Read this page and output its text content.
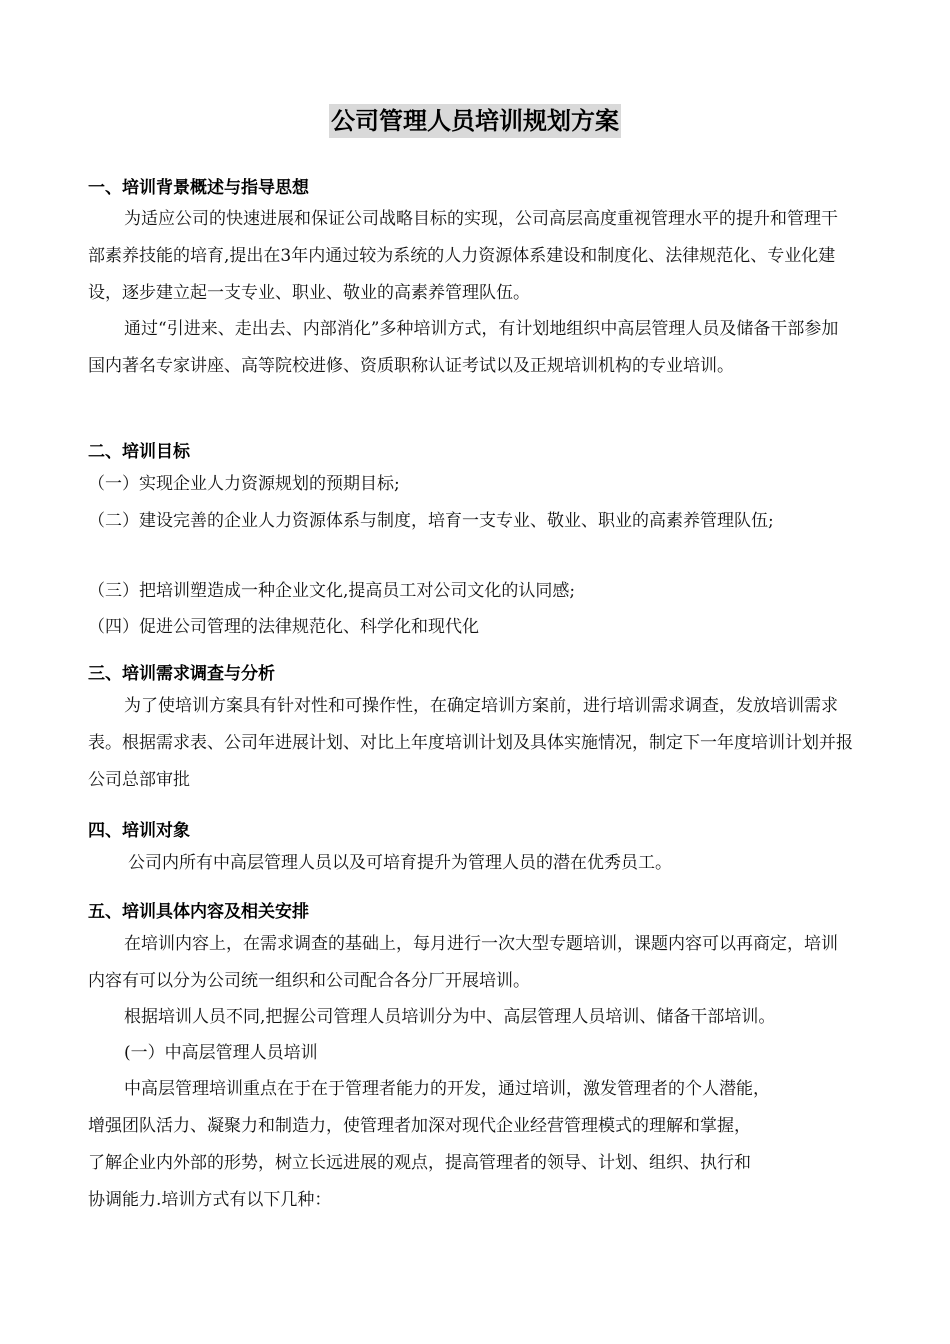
公司管理人员培训规划方案
一、培训背景概述与指导思想

为适应公司的快速进展和保证公司战略目标的实现，公司高层高度重视管理水平的提升和管理干部素养技能的培育,提出在3年内通过较为系统的人力资源体系建设和制度化、法律规范化、专业化建设，逐步建立起一支专业、职业、敬业的高素养管理队伍。

通过“引进来、走出去、内部消化”多种培训方式，有计划地组织中高层管理人员及储备干部参加国内著名专家讲座、高等院校进修、资质职称认证考试以及正规培训机构的专业培训。

二、培训目标

（一）实现企业人力资源规划的预期目标;

（二）建设完善的企业人力资源体系与制度，培育一支专业、敬业、职业的高素养管理队伍;

（三）把培训塑造成一种企业文化,提高员工对公司文化的认同感;

（四）促进公司管理的法律规范化、科学化和现代化

三、培训需求调查与分析

为了使培训方案具有针对性和可操作性，在确定培训方案前，进行培训需求调查，发放培训需求表。根据需求表、公司年进展计划、对比上年度培训计划及具体实施情况，制定下一年度培训计划并报公司总部审批

四、培训对象

公司内所有中高层管理人员以及可培育提升为管理人员的潜在优秀员工。

五、培训具体内容及相关安排

在培训内容上，在需求调查的基础上，每月进行一次大型专题培训，课题内容可以再商定，培训内容有可以分为公司统一组织和公司配合各分厂开展培训。

根据培训人员不同,把握公司管理人员培训分为中、高层管理人员培训、储备干部培训。

(一）中高层管理人员培训

中高层管理培训重点在于在于管理者能力的开发，通过培训，激发管理者的个人潜能，
增强团队活力、凝聚力和制造力，使管理者加深对现代企业经营管理模式的理解和掌握，
了解企业内外部的形势，树立长远进展的观点，提高管理者的领导、计划、组织、执行和
协调能力.培训方式有以下几种：
